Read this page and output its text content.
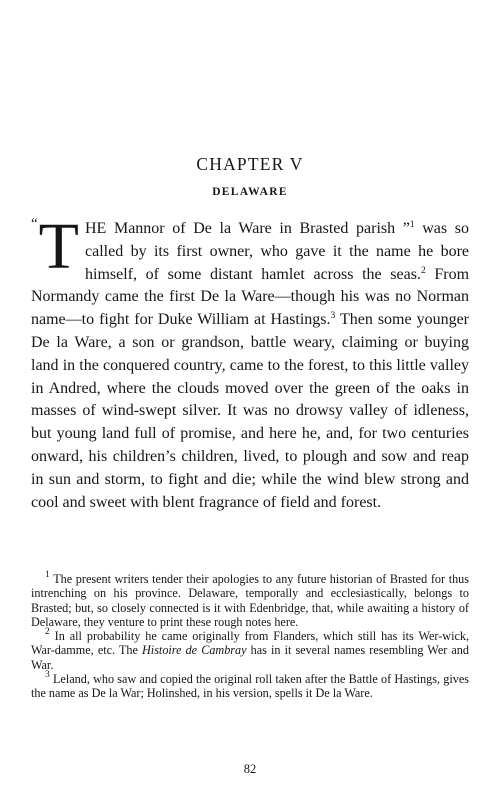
CHAPTER V
DELAWARE

“ T HE Mannor of De la Ware in Brasted parish ”$^1$ was so called by its first owner, who gave it the name he bore himself, of some distant hamlet across the seas.$^2$ From Normandy came the first De la Ware—though his was no Norman name—to fight for Duke William at Hastings.$^3$ Then some younger De la Ware, a son or grandson, battle weary, claiming or buying land in the conquered country, came to the forest, to this little valley in Andred, where the clouds moved over the green of the oaks in masses of wind-swept silver. It was no drowsy valley of idleness, but young land full of promise, and here he, and, for two centuries onward, his children’s children, lived, to plough and sow and reap in sun and storm, to fight and die; while the wind blew strong and cool and sweet with blent fragrance of field and forest.

$^1$ The present writers tender their apologies to any future historian of Brasted for thus intrenching on his province. Delaware, temporally and ecclesiastically, belongs to Brasted; but, so closely connected is it with Edenbridge, that, while awaiting a history of Delaware, they venture to print these rough notes here.

$^2$ In all probability he came originally from Flanders, which still has its Wer-wick, War-damme, etc. The Histoire de Cambray has in it several names resembling Wer and War.

$^3$ Leland, who saw and copied the original roll taken after the Battle of Hastings, gives the name as De la War; Holinshed, in his version, spells it De la Ware.

82
